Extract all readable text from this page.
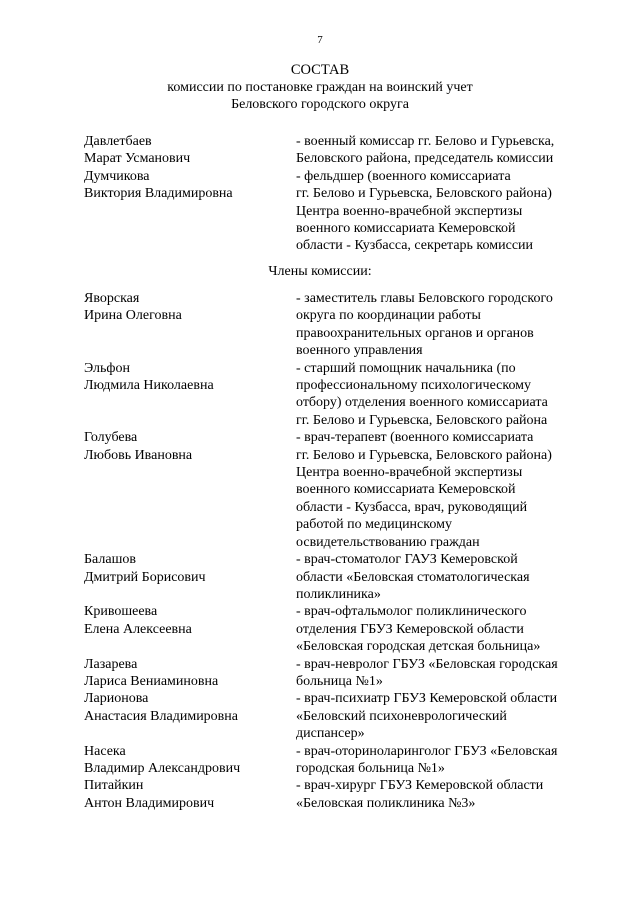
7
СОСТАВ
комиссии по постановке граждан на воинский учет
Беловского городского округа
Давлетбаев
Марат Усманович
- военный комиссар гг. Белово и Гурьевска,
Беловского района, председатель комиссии
Думчикова
Виктория Владимировна
- фельдшер (военного комиссариата
гг. Белово и Гурьевска, Беловского района)
Центра военно-врачебной экспертизы
военного комиссариата Кемеровской
области - Кузбасса, секретарь комиссии
Члены комиссии:
Яворская
Ирина Олеговна
- заместитель главы Беловского городского
округа по координации работы
правоохранительных органов и органов
военного управления
Эльфон
Людмила Николаевна
- старший помощник начальника (по
профессиональному психологическому
отбору) отделения военного комиссариата
гг. Белово и Гурьевска, Беловского района
Голубева
Любовь Ивановна
- врач-терапевт (военного комиссариата
гг. Белово и Гурьевска, Беловского района)
Центра военно-врачебной экспертизы
военного комиссариата Кемеровской
области - Кузбасса, врач, руководящий
работой по медицинскому
освидетельствованию граждан
Балашов
Дмитрий Борисович
- врач-стоматолог ГАУЗ Кемеровской
области «Беловская стоматологическая
поликлиника»
Кривошеева
Елена Алексеевна
- врач-офтальмолог поликлинического
отделения ГБУЗ Кемеровской области
«Беловская городская детская больница»
Лазарева
Лариса Вениаминовна
- врач-невролог ГБУЗ «Беловская городская
больница №1»
Ларионова
Анастасия Владимировна
- врач-психиатр ГБУЗ Кемеровской области
«Беловский психоневрологический
диспансер»
Насека
Владимир Александрович
- врач-оториноларинголог ГБУЗ «Беловская
городская больница №1»
Питайкин
Антон Владимирович
- врач-хирург ГБУЗ Кемеровской области
«Беловская поликлиника №3»
